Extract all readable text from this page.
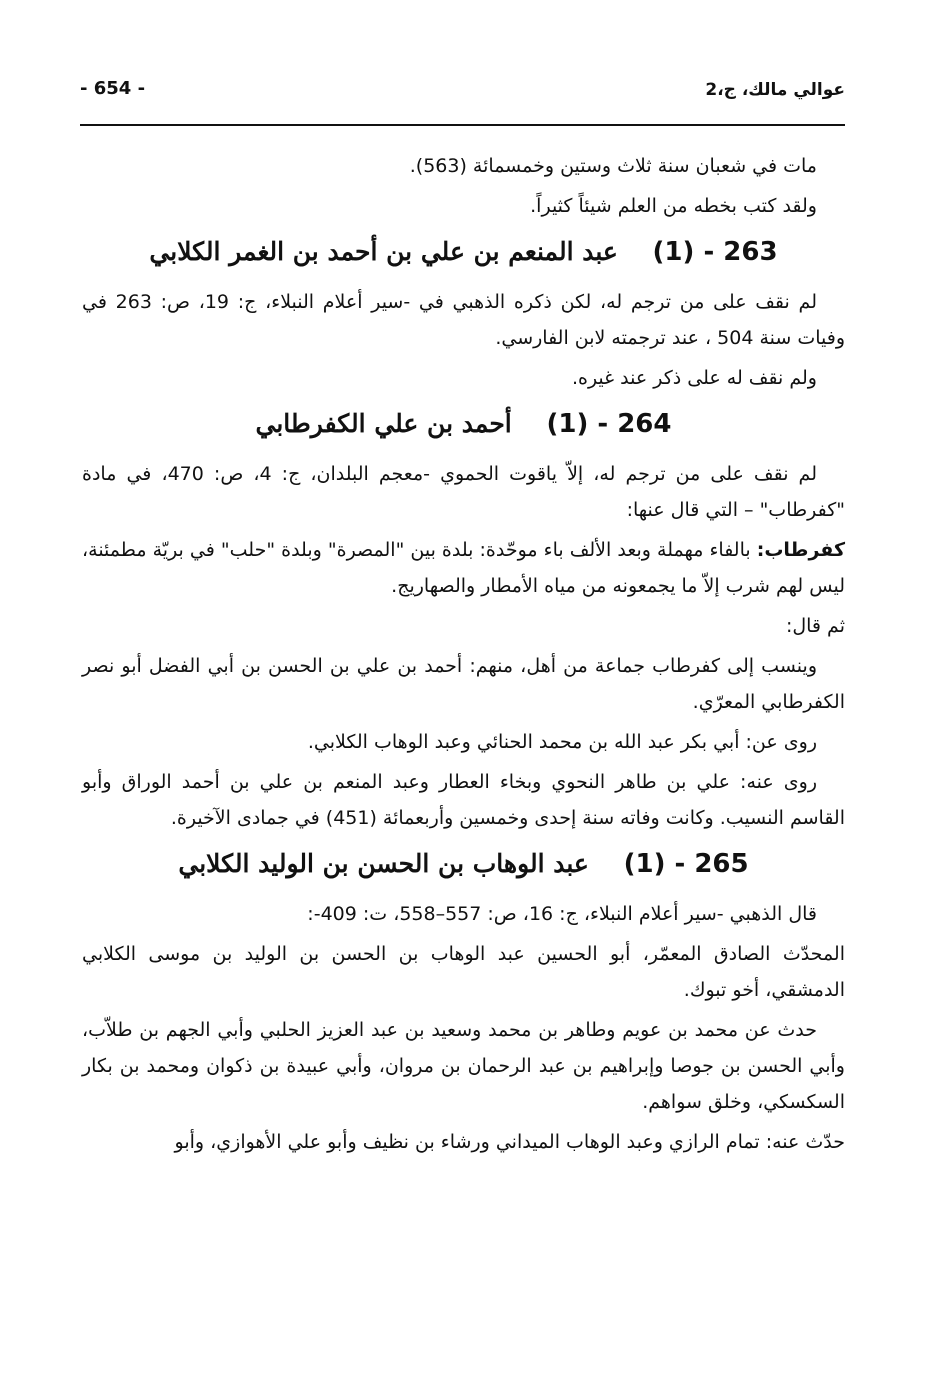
عوالي مالك، ج،2
- 654 -

مات في شعبان سنة ثلاث وستين وخمسمائة (563).

ولقد كتب بخطه من العلم شيئاً كثيراً.

263 - (1) عبد المنعم بن علي بن أحمد بن الغمر الكلابي

لم نقف على من ترجم له، لكن ذكره الذهبي في -سير أعلام النبلاء، ج: 19، ص: 263 في وفيات سنة 504 ، عند ترجمته لابن الفارسي.

ولم نقف له على ذكر عند غيره.

264 - (1) أحمد بن علي الكفرطابي

لم نقف على من ترجم له، إلاّ ياقوت الحموي -معجم البلدان، ج: 4، ص: 470، في مادة "كفرطاب" – التي قال عنها:

كفرطاب: بالفاء مهملة وبعد الألف باء موحّدة: بلدة بين "المصرة" وبلدة "حلب" في بريّة مطمئنة، ليس لهم شرب إلاّ ما يجمعونه من مياه الأمطار والصهاريج.

ثم قال:

وينسب إلى كفرطاب جماعة من أهل، منهم: أحمد بن علي بن الحسن بن أبي الفضل أبو نصر الكفرطابي المعرّي.

روى عن: أبي بكر عبد الله بن محمد الحنائي وعبد الوهاب الكلابي.

روى عنه: علي بن طاهر النحوي وبخاء العطار وعبد المنعم بن علي بن أحمد الوراق وأبو القاسم النسيب. وكانت وفاته سنة إحدى وخمسين وأربعمائة (451) في جمادى الآخيرة.

265 - (1) عبد الوهاب بن الحسن بن الوليد الكلابي

قال الذهبي -سير أعلام النبلاء، ج: 16، ص: 557–558، ت: 409-:

المحدّث الصادق المعمّر، أبو الحسين عبد الوهاب بن الحسن بن الوليد بن موسى الكلابي الدمشقي، أخو تبوك.

حدث عن محمد بن عويم وطاهر بن محمد وسعيد بن عبد العزيز الحلبي وأبي الجهم بن طلاّب، وأبي الحسن بن جوصا وإبراهيم بن عبد الرحمان بن مروان، وأبي عبيدة بن ذكوان ومحمد بن بكار السكسكي، وخلق سواهم.

حدّث عنه: تمام الرازي وعبد الوهاب الميداني ورشاء بن نظيف وأبو علي الأهوازي، وأبو
